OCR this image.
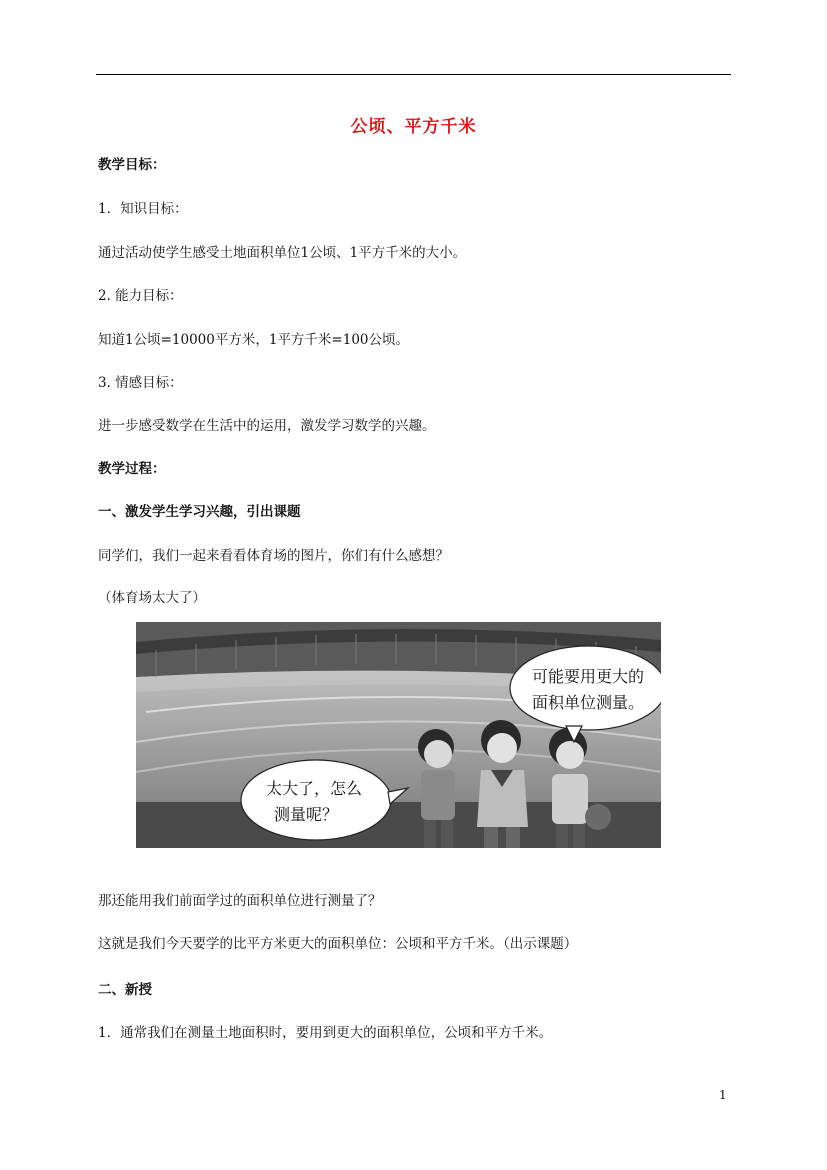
公顷、平方千米
教学目标：
1．知识目标：
通过活动使学生感受土地面积单位1公顷、1平方千米的大小。
2. 能力目标：
知道1公顷=10000平方米，1平方千米=100公顷。
3. 情感目标：
进一步感受数学在生活中的运用，激发学习数学的兴趣。
教学过程：
一、激发学生学习兴趣，引出课题
同学们，我们一起来看看体育场的图片，你们有什么感想？
（体育场太大了）
可能要用更大的
面积单位测量。
太大了，怎么
测量呢？
那还能用我们前面学过的面积单位进行测量了？
这就是我们今天要学的比平方米更大的面积单位：公顷和平方千米。（出示课题）
二、新授
1．通常我们在测量土地面积时，要用到更大的面积单位，公顷和平方千米。
1
